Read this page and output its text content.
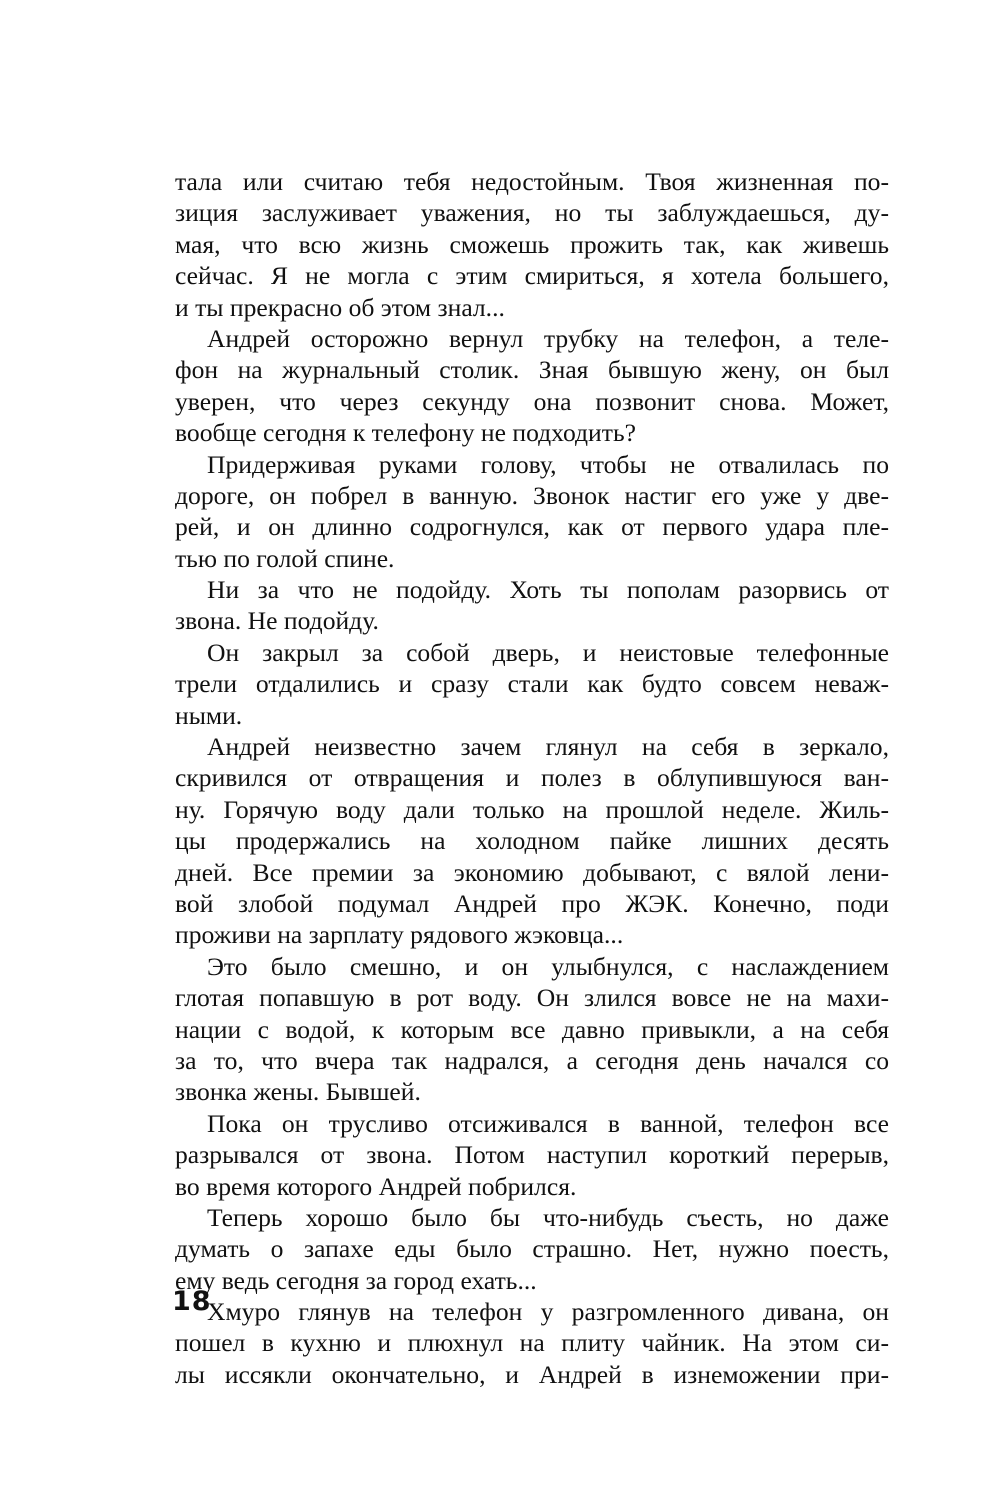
тала или считаю тебя недостойным. Твоя жизненная по-
зиция заслуживает уважения, но ты заблуждаешься, ду-
мая, что всю жизнь сможешь прожить так, как живешь
сейчас. Я не могла с этим смириться, я хотела большего,
и ты прекрасно об этом знал...
Андрей осторожно вернул трубку на телефон, а теле-
фон на журнальный столик. Зная бывшую жену, он был
уверен, что через секунду она позвонит снова. Может,
вообще сегодня к телефону не подходить?
Придерживая руками голову, чтобы не отвалилась по
дороге, он побрел в ванную. Звонок настиг его уже у две-
рей, и он длинно содрогнулся, как от первого удара пле-
тью по голой спине.
Ни за что не подойду. Хоть ты пополам разорвись от
звона. Не подойду.
Он закрыл за собой дверь, и неистовые телефонные
трели отдалились и сразу стали как будто совсем неваж-
ными.
Андрей неизвестно зачем глянул на себя в зеркало,
скривился от отвращения и полез в облупившуюся ван-
ну. Горячую воду дали только на прошлой неделе. Жиль-
цы продержались на холодном пайке лишних десять
дней. Все премии за экономию добывают, с вялой лени-
вой злобой подумал Андрей про ЖЭК. Конечно, поди
проживи на зарплату рядового жэковца...
Это было смешно, и он улыбнулся, с наслаждением
глотая попавшую в рот воду. Он злился вовсе не на махи-
нации с водой, к которым все давно привыкли, а на себя
за то, что вчера так надрался, а сегодня день начался со
звонка жены. Бывшей.
Пока он трусливо отсиживался в ванной, телефон все
разрывался от звона. Потом наступил короткий перерыв,
во время которого Андрей побрился.
Теперь хорошо было бы что-нибудь съесть, но даже
думать о запахе еды было страшно. Нет, нужно поесть,
ему ведь сегодня за город ехать...
Хмуро глянув на телефон у разгромленного дивана, он
пошел в кухню и плюхнул на плиту чайник. На этом си-
лы иссякли окончательно, и Андрей в изнеможении при-
18
